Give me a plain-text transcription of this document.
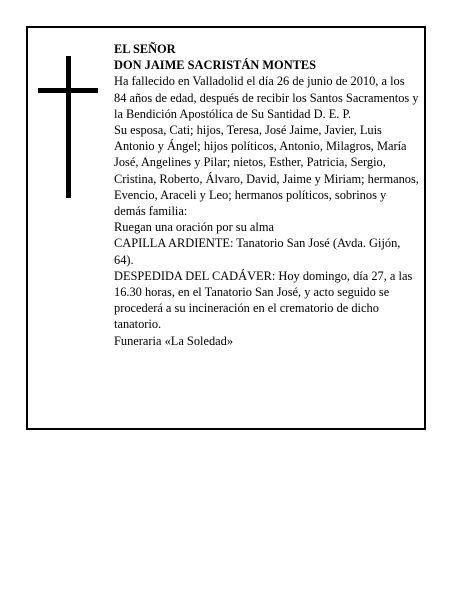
EL SEÑOR

DON JAIME SACRISTÁN MONTES

Ha fallecido en Valladolid el día 26 de junio de 2010, a los 84 años de edad, después de recibir los Santos Sacramentos y la Bendición Apostólica de Su Santidad D. E. P.

Su esposa, Cati; hijos, Teresa, José Jaime, Javier, Luis Antonio y Ángel; hijos políticos, Antonio, Milagros, María José, Angelines y Pilar; nietos, Esther, Patricia, Sergio, Cristina, Roberto, Álvaro, David, Jaime y Miriam; hermanos, Evencio, Araceli y Leo; hermanos políticos, sobrinos y demás familia:

Ruegan una oración por su alma

CAPILLA ARDIENTE: Tanatorio San José (Avda. Gijón, 64).

DESPEDIDA DEL CADÁVER: Hoy domingo, día 27, a las 16.30 horas, en el Tanatorio San José, y acto seguido se procederá a su incineración en el crematorio de dicho tanatorio.

Funeraria «La Soledad»
